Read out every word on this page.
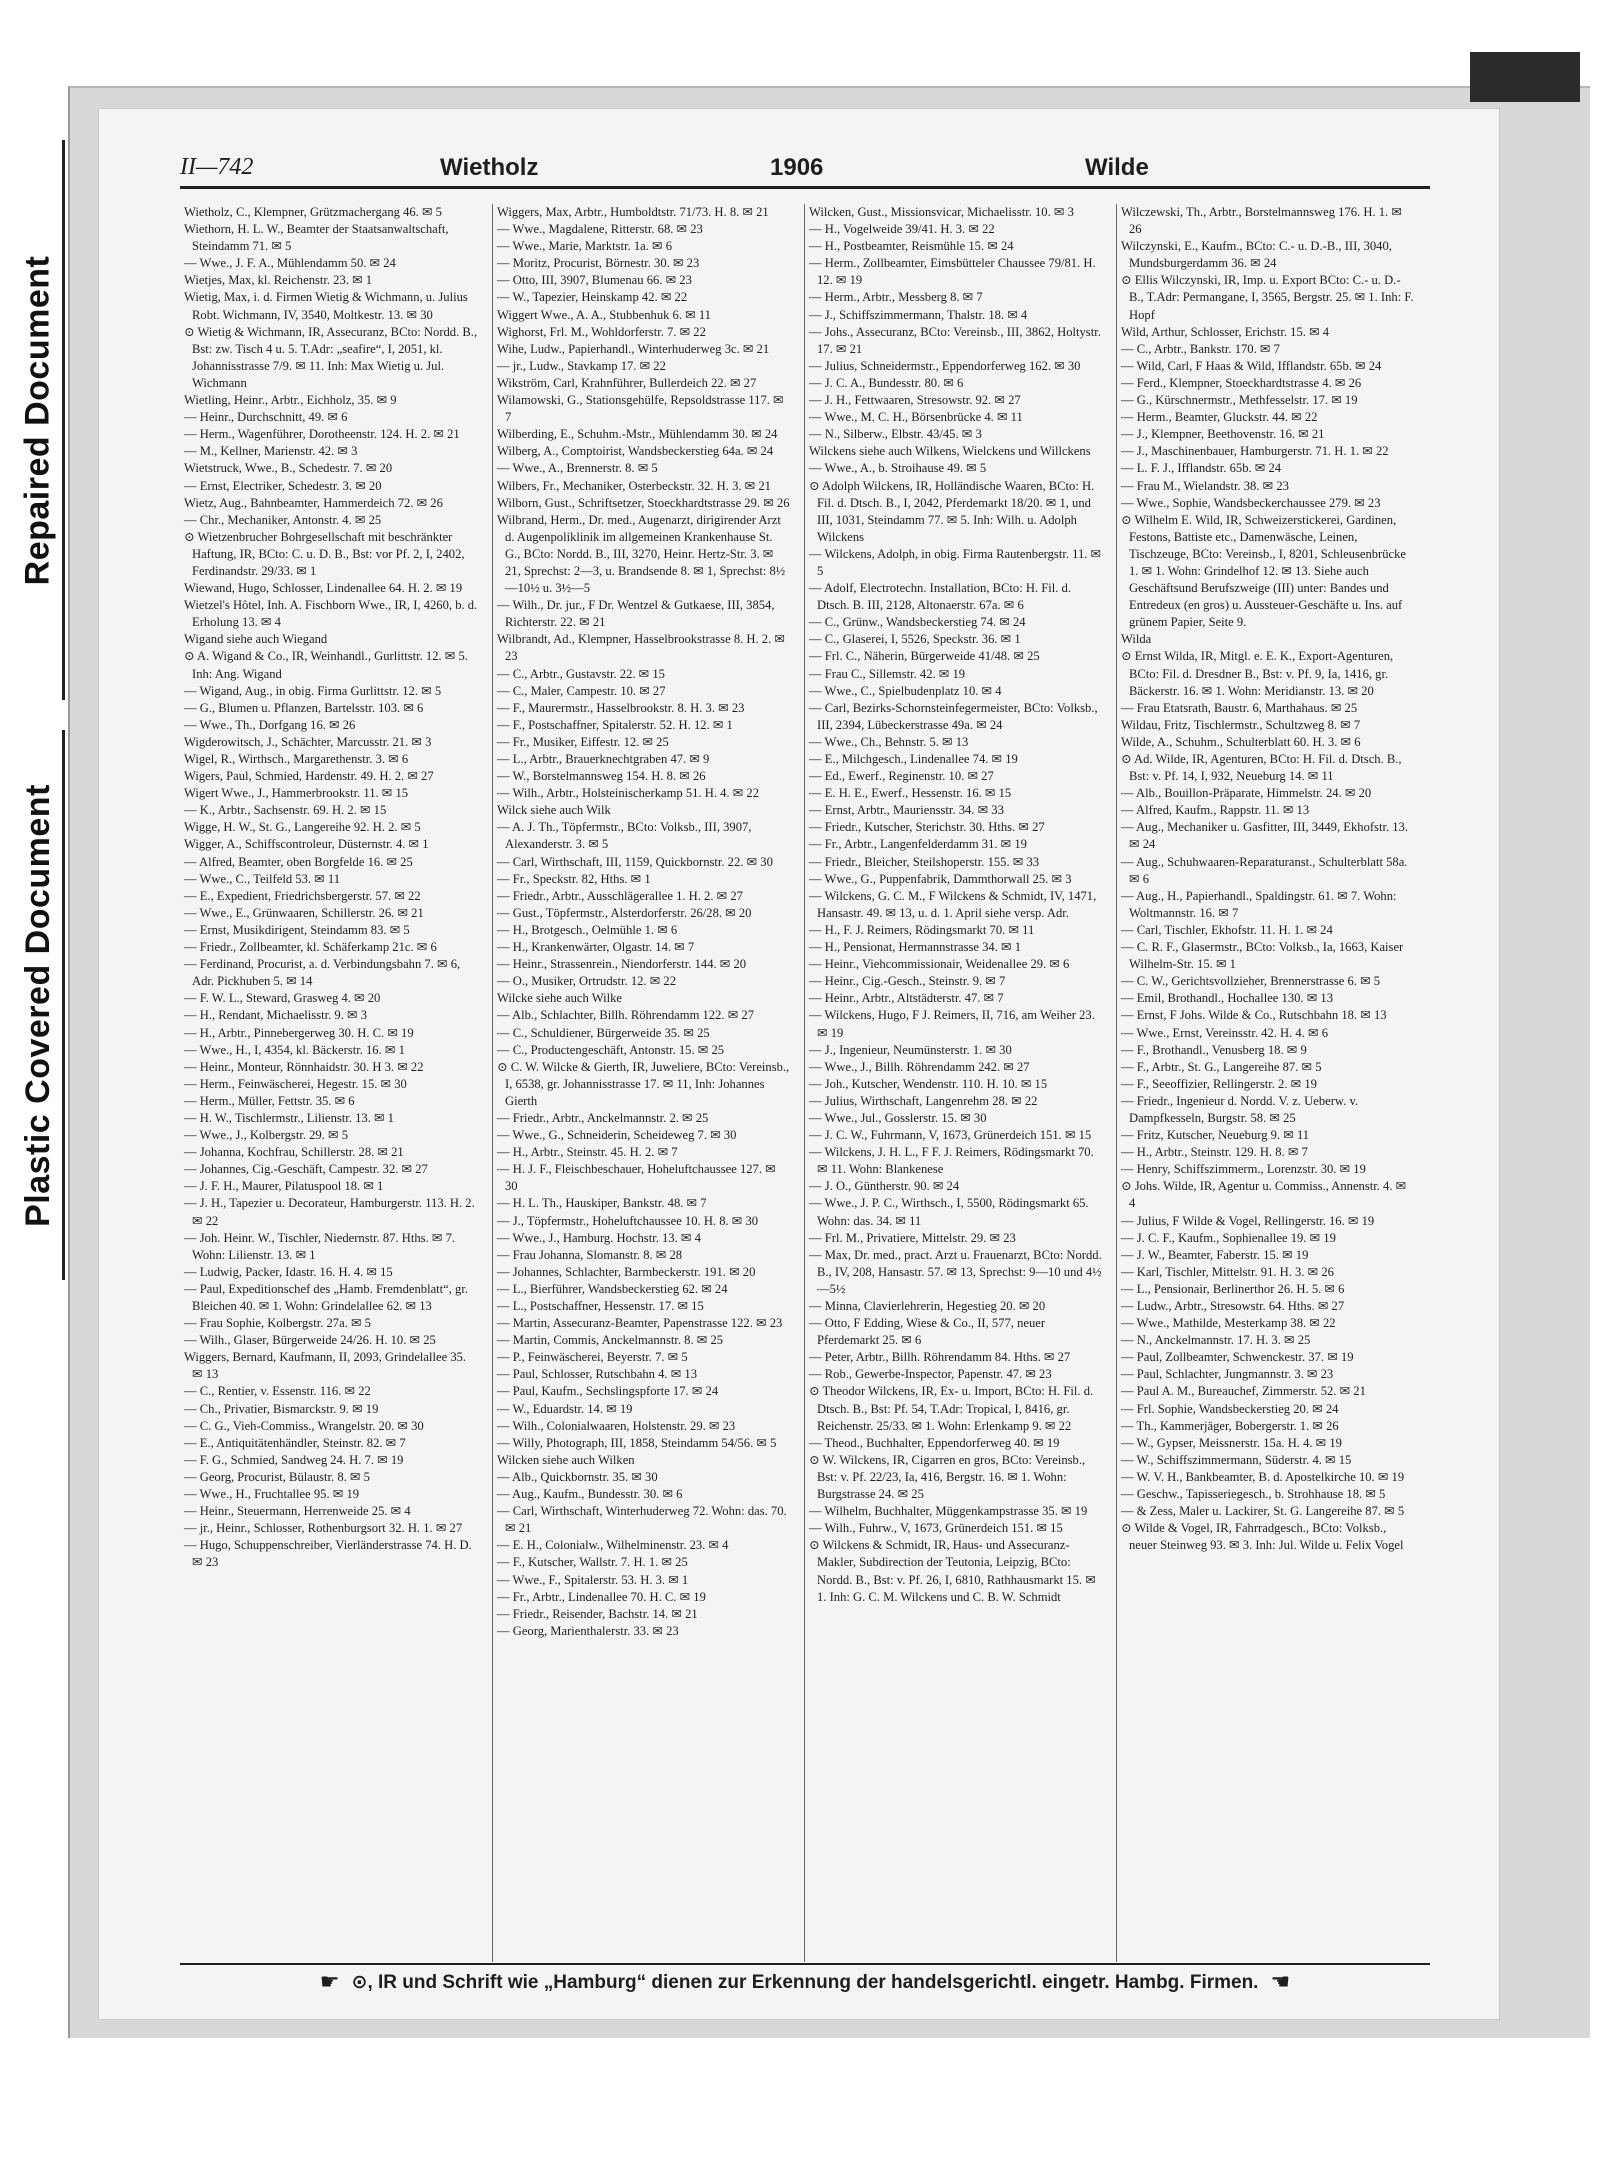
Repaired Document
Plastic Covered Document
II—742	Wietholz	1906	Wilde
Wietholz, C., Klempner, Grützmachergang 46. ✉ 5
Wiethorn, H. L. W., Beamter der Staatsanwaltschaft, Steindamm 71. ✉ 5
— Wwe., J. F. A., Mühlendamm 50. ✉ 24
Wietjes, Max, kl. Reichenstr. 23. ✉ 1
Wietig, Max, i. d. Firmen Wietig & Wichmann, u. Julius Robt. Wichmann, IV, 3540, Moltkestr. 13. ✉ 30
⊙ Wietig & Wichmann, IR, Assecuranz, BCto: Nordd. B., Bst: zw. Tisch 4 u. 5. T.Adr: „seafire“, I, 2051, kl. Johannisstrasse 7/9. ✉ 11. Inh: Max Wietig u. Jul. Wichmann
Wietling, Heinr., Arbtr., Eichholz, 35. ✉ 9
— Heinr., Durchschnitt, 49. ✉ 6
— Herm., Wagenführer, Dorotheenstr. 124. H. 2. ✉ 21
— M., Kellner, Marienstr. 42. ✉ 3
Wietstruck, Wwe., B., Schedestr. 7. ✉ 20
— Ernst, Electriker, Schedestr. 3. ✉ 20
Wietz, Aug., Bahnbeamter, Hammerdeich 72. ✉ 26
— Chr., Mechaniker, Antonstr. 4. ✉ 25
⊙ Wietzenbrucher Bohrgesellschaft mit beschränkter Haftung, IR, BCto: C. u. D. B., Bst: vor Pf. 2, I, 2402, Ferdinandstr. 29/33. ✉ 1
Wiewand, Hugo, Schlosser, Lindenallee 64. H. 2. ✉ 19
Wietzel's Hôtel, Inh. A. Fischborn Wwe., IR, I, 4260, b. d. Erholung 13. ✉ 4
Wigand siehe auch Wiegand
⊙ A. Wigand & Co., IR, Weinhandl., Gurlittstr. 12. ✉ 5. Inh: Ang. Wigand
— Wigand, Aug., in obig. Firma Gurlittstr. 12. ✉ 5
— G., Blumen u. Pflanzen, Bartelsstr. 103. ✉ 6
— Wwe., Th., Dorfgang 16. ✉ 26
Wigderowitsch, J., Schächter, Marcusstr. 21. ✉ 3
Wigel, R., Wirthsch., Margarethenstr. 3. ✉ 6
Wigers, Paul, Schmied, Hardenstr. 49. H. 2. ✉ 27
Wigert Wwe., J., Hammerbrookstr. 11. ✉ 15
— K., Arbtr., Sachsenstr. 69. H. 2. ✉ 15
Wigge, H. W., St. G., Langereihe 92. H. 2. ✉ 5
Wigger, A., Schiffscontroleur, Düsternstr. 4. ✉ 1
— Alfred, Beamter, oben Borgfelde 16. ✉ 25
— Wwe., C., Teilfeld 53. ✉ 11
— E., Expedient, Friedrichsbergerstr. 57. ✉ 22
— Wwe., E., Grünwaaren, Schillerstr. 26. ✉ 21
— Ernst, Musikdirigent, Steindamm 83. ✉ 5
— Friedr., Zollbeamter, kl. Schäferkamp 21c. ✉ 6
— Ferdinand, Procurist, a. d. Verbindungsbahn 7. ✉ 6, Adr. Pickhuben 5. ✉ 14
— F. W. L., Steward, Grasweg 4. ✉ 20
— H., Rendant, Michaelisstr. 9. ✉ 3
— H., Arbtr., Pinnebergerweg 30. H. C. ✉ 19
— Wwe., H., I, 4354, kl. Bäckerstr. 16. ✉ 1
— Heinr., Monteur, Rönnhaidstr. 30. H 3. ✉ 22
— Herm., Feinwäscherei, Hegestr. 15. ✉ 30
— Herm., Müller, Fettstr. 35. ✉ 6
— H. W., Tischlermstr., Lilienstr. 13. ✉ 1
— Wwe., J., Kolbergstr. 29. ✉ 5
— Johanna, Kochfrau, Schillerstr. 28. ✉ 21
— Johannes, Cig.-Geschäft, Campestr. 32. ✉ 27
— J. F. H., Maurer, Pilatuspool 18. ✉ 1
— J. H., Tapezier u. Decorateur, Hamburgerstr. 113. H. 2. ✉ 22
— Joh. Heinr. W., Tischler, Niedernstr. 87. Hths. ✉ 7. Wohn: Lilienstr. 13. ✉ 1
— Ludwig, Packer, Idastr. 16. H. 4. ✉ 15
— Paul, Expeditionschef des „Hamb. Fremdenblatt“, gr. Bleichen 40. ✉ 1. Wohn: Grindelallee 62. ✉ 13
— Frau Sophie, Kolbergstr. 27a. ✉ 5
— Wilh., Glaser, Bürgerweide 24/26. H. 10. ✉ 25
Wiggers, Bernard, Kaufmann, II, 2093, Grindelallee 35. ✉ 13
— C., Rentier, v. Essenstr. 116. ✉ 22
— Ch., Privatier, Bismarckstr. 9. ✉ 19
— C. G., Vieh-Commiss., Wrangelstr. 20. ✉ 30
— E., Antiquitätenhändler, Steinstr. 82. ✉ 7
— F. G., Schmied, Sandweg 24. H. 7. ✉ 19
— Georg, Procurist, Bülaustr. 8. ✉ 5
— Wwe., H., Fruchtallee 95. ✉ 19
— Heinr., Steuermann, Herrenweide 25. ✉ 4
— jr., Heinr., Schlosser, Rothenburgsort 32. H. 1. ✉ 27
— Hugo, Schuppenschreiber, Vierländerstrasse 74. H. D. ✉ 23
Wiggers, Max, Arbtr., Humboldtstr. 71/73. H. 8. ✉ 21
— Wwe., Magdalene, Ritterstr. 68. ✉ 23
— Wwe., Marie, Marktstr. 1a. ✉ 6
— Moritz, Procurist, Börnestr. 30. ✉ 23
— Otto, III, 3907, Blumenau 66. ✉ 23
— W., Tapezier, Heinskamp 42. ✉ 22
Wiggert Wwe., A. A., Stubbenhuk 6. ✉ 11
Wighorst, Frl. M., Wohldorferstr. 7. ✉ 22
Wihe, Ludw., Papierhandl., Winterhuderweg 3c. ✉ 21
— jr., Ludw., Stavkamp 17. ✉ 22
Wikström, Carl, Krahnführer, Bullerdeich 22. ✉ 27
Wilamowski, G., Stationsgehülfe, Repsoldstrasse 117. ✉ 7
Wilberding, E., Schuhm.-Mstr., Mühlendamm 30. ✉ 24
Wilberg, A., Comptoirist, Wandsbeckerstieg 64a. ✉ 24
— Wwe., A., Brennerstr. 8. ✉ 5
Wilbers, Fr., Mechaniker, Osterbeckstr. 32. H. 3. ✉ 21
Wilborn, Gust., Schriftsetzer, Stoeckhardtstrasse 29. ✉ 26
Wilbrand, Herm., Dr. med., Augenarzt, dirigirender Arzt d. Augenpoliklinik im allgemeinen Krankenhause St. G., BCto: Nordd. B., III, 3270, Heinr. Hertz-Str. 3. ✉ 21, Sprechst: 2—3, u. Brandsende 8. ✉ 1, Sprechst: 8½—10½ u. 3½—5
— Wilh., Dr. jur., F Dr. Wentzel & Gutkaese, III, 3854, Richterstr. 22. ✉ 21
Wilbrandt, Ad., Klempner, Hasselbrookstrasse 8. H. 2. ✉ 23
— C., Arbtr., Gustavstr. 22. ✉ 15
— C., Maler, Campestr. 10. ✉ 27
— F., Maurermstr., Hasselbrookstr. 8. H. 3. ✉ 23
— F., Postschaffner, Spitalerstr. 52. H. 12. ✉ 1
— Fr., Musiker, Eiffestr. 12. ✉ 25
— L., Arbtr., Brauerknechtgraben 47. ✉ 9
— W., Borstelmannsweg 154. H. 8. ✉ 26
— Wilh., Arbtr., Holsteinischerkamp 51. H. 4. ✉ 22
Wilck siehe auch Wilk
— A. J. Th., Töpfermstr., BCto: Volksb., III, 3907, Alexanderstr. 3. ✉ 5
— Carl, Wirthschaft, III, 1159, Quickbornstr. 22. ✉ 30
— Fr., Speckstr. 82, Hths. ✉ 1
— Friedr., Arbtr., Ausschlägerallee 1. H. 2. ✉ 27
— Gust., Töpfermstr., Alsterdorferstr. 26/28. ✉ 20
— H., Brotgesch., Oelmühle 1. ✉ 6
— H., Krankenwärter, Olgastr. 14. ✉ 7
— Heinr., Strassenrein., Niendorferstr. 144. ✉ 20
— O., Musiker, Ortrudstr. 12. ✉ 22
Wilcke siehe auch Wilke
— Alb., Schlachter, Billh. Röhrendamm 122. ✉ 27
— C., Schuldiener, Bürgerweide 35. ✉ 25
— C., Productengeschäft, Antonstr. 15. ✉ 25
⊙ C. W. Wilcke & Gierth, IR, Juweliere, BCto: Vereinsb., I, 6538, gr. Johannisstrasse 17. ✉ 11, Inh: Johannes Gierth
— Friedr., Arbtr., Anckelmannstr. 2. ✉ 25
— Wwe., G., Schneiderin, Scheideweg 7. ✉ 30
— H., Arbtr., Steinstr. 45. H. 2. ✉ 7
— H. J. F., Fleischbeschauer, Hoheluftchaussee 127. ✉ 30
— H. L. Th., Hauskiper, Bankstr. 48. ✉ 7
— J., Töpfermstr., Hoheluftchaussee 10. H. 8. ✉ 30
— Wwe., J., Hamburg. Hochstr. 13. ✉ 4
— Frau Johanna, Slomanstr. 8. ✉ 28
— Johannes, Schlachter, Barmbeckerstr. 191. ✉ 20
— L., Bierführer, Wandsbeckerstieg 62. ✉ 24
— L., Postschaffner, Hessenstr. 17. ✉ 15
— Martin, Assecuranz-Beamter, Papenstrasse 122. ✉ 23
— Martin, Commis, Anckelmannstr. 8. ✉ 25
— P., Feinwäscherei, Beyerstr. 7. ✉ 5
— Paul, Schlosser, Rutschbahn 4. ✉ 13
— Paul, Kaufm., Sechslingspforte 17. ✉ 24
— W., Eduardstr. 14. ✉ 19
— Wilh., Colonialwaaren, Holstenstr. 29. ✉ 23
— Willy, Photograph, III, 1858, Steindamm 54/56. ✉ 5
Wilcken siehe auch Wilken
— Alb., Quickbornstr. 35. ✉ 30
— Aug., Kaufm., Bundesstr. 30. ✉ 6
— Carl, Wirthschaft, Winterhuderweg 72. Wohn: das. 70. ✉ 21
— E. H., Colonialw., Wilhelminenstr. 23. ✉ 4
— F., Kutscher, Wallstr. 7. H. 1. ✉ 25
— Wwe., F., Spitalerstr. 53. H. 3. ✉ 1
— Fr., Arbtr., Lindenallee 70. H. C. ✉ 19
— Friedr., Reisender, Bachstr. 14. ✉ 21
— Georg, Marienthalerstr. 33. ✉ 23
Wilcken, Gust., Missionsvicar, Michaelisstr. 10. ✉ 3
— H., Vogelweide 39/41. H. 3. ✉ 22
— H., Postbeamter, Reismühle 15. ✉ 24
— Herm., Zollbeamter, Eimsbütteler Chaussee 79/81. H. 12. ✉ 19
— Herm., Arbtr., Messberg 8. ✉ 7
— J., Schiffszimmermann, Thalstr. 18. ✉ 4
— Johs., Assecuranz, BCto: Vereinsb., III, 3862, Holtystr. 17. ✉ 21
— Julius, Schneidermstr., Eppendorferweg 162. ✉ 30
— J. C. A., Bundesstr. 80. ✉ 6
— J. H., Fettwaaren, Stresowstr. 92. ✉ 27
— Wwe., M. C. H., Börsenbrücke 4. ✉ 11
— N., Silberw., Elbstr. 43/45. ✉ 3
Wilckens siehe auch Wilkens, Wielckens und Willckens
— Wwe., A., b. Stroihause 49. ✉ 5
⊙ Adolph Wilckens, IR, Holländische Waaren, BCto: H. Fil. d. Dtsch. B., I, 2042, Pferdemarkt 18/20. ✉ 1, und III, 1031, Steindamm 77. ✉ 5. Inh: Wilh. u. Adolph Wilckens
— Wilckens, Adolph, in obig. Firma Rautenbergstr. 11. ✉ 5
— Adolf, Electrotechn. Installation, BCto: H. Fil. d. Dtsch. B. III, 2128, Altonaerstr. 67a. ✉ 6
— C., Grünw., Wandsbeckerstieg 74. ✉ 24
— C., Glaserei, I, 5526, Speckstr. 36. ✉ 1
— Frl. C., Näherin, Bürgerweide 41/48. ✉ 25
— Frau C., Sillemstr. 42. ✉ 19
— Wwe., C., Spielbudenplatz 10. ✉ 4
— Carl, Bezirks-Schornsteinfegermeister, BCto: Volksb., III, 2394, Lübeckerstrasse 49a. ✉ 24
— Wwe., Ch., Behnstr. 5. ✉ 13
— E., Milchgesch., Lindenallee 74. ✉ 19
— Ed., Ewerf., Reginenstr. 10. ✉ 27
— E. H. E., Ewerf., Hessenstr. 16. ✉ 15
— Ernst, Arbtr., Mauriensstr. 34. ✉ 33
— Friedr., Kutscher, Sterichstr. 30. Hths. ✉ 27
— Fr., Arbtr., Langenfelderdamm 31. ✉ 19
— Friedr., Bleicher, Steilshoperstr. 155. ✉ 33
— Wwe., G., Puppenfabrik, Dammthorwall 25. ✉ 3
— Wilckens, G. C. M., F Wilckens & Schmidt, IV, 1471, Hansastr. 49. ✉ 13, u. d. 1. April siehe versp. Adr.
— H., F. J. Reimers, Rödingsmarkt 70. ✉ 11
— H., Pensionat, Hermannstrasse 34. ✉ 1
— Heinr., Viehcommissionair, Weidenallee 29. ✉ 6
— Heinr., Cig.-Gesch., Steinstr. 9. ✉ 7
— Heinr., Arbtr., Altstädterstr. 47. ✉ 7
— Wilckens, Hugo, F J. Reimers, II, 716, am Weiher 23. ✉ 19
— J., Ingenieur, Neumünsterstr. 1. ✉ 30
— Wwe., J., Billh. Röhrendamm 242. ✉ 27
— Joh., Kutscher, Wendenstr. 110. H. 10. ✉ 15
— Julius, Wirthschaft, Langenrehm 28. ✉ 22
— Wwe., Jul., Gosslerstr. 15. ✉ 30
— J. C. W., Fuhrmann, V, 1673, Grünerdeich 151. ✉ 15
— Wilckens, J. H. L., F F. J. Reimers, Rödingsmarkt 70. ✉ 11. Wohn: Blankenese
— J. O., Güntherstr. 90. ✉ 24
— Wwe., J. P. C., Wirthsch., I, 5500, Rödingsmarkt 65. Wohn: das. 34. ✉ 11
— Frl. M., Privatiere, Mittelstr. 29. ✉ 23
— Max, Dr. med., pract. Arzt u. Frauenarzt, BCto: Nordd. B., IV, 208, Hansastr. 57. ✉ 13, Sprechst: 9—10 und 4½—5½
— Minna, Clavierlehrerin, Hegestieg 20. ✉ 20
— Otto, F Edding, Wiese & Co., II, 577, neuer Pferdemarkt 25. ✉ 6
— Peter, Arbtr., Billh. Röhrendamm 84. Hths. ✉ 27
— Rob., Gewerbe-Inspector, Papenstr. 47. ✉ 23
⊙ Theodor Wilckens, IR, Ex- u. Import, BCto: H. Fil. d. Dtsch. B., Bst: Pf. 54, T.Adr: Tropical, I, 8416, gr. Reichenstr. 25/33. ✉ 1. Wohn: Erlenkamp 9. ✉ 22
— Theod., Buchhalter, Eppendorferweg 40. ✉ 19
⊙ W. Wilckens, IR, Cigarren en gros, BCto: Vereinsb., Bst: v. Pf. 22/23, Ia, 416, Bergstr. 16. ✉ 1. Wohn: Burgstrasse 24. ✉ 25
— Wilhelm, Buchhalter, Müggenkampstrasse 35. ✉ 19
— Wilh., Fuhrw., V, 1673, Grünerdeich 151. ✉ 15
⊙ Wilckens & Schmidt, IR, Haus- und Assecuranz-Makler, Subdirection der Teutonia, Leipzig, BCto: Nordd. B., Bst: v. Pf. 26, I, 6810, Rathhausmarkt 15. ✉ 1. Inh: G. C. M. Wilckens und C. B. W. Schmidt
Wilczewski, Th., Arbtr., Borstelmannsweg 176. H. 1. ✉ 26
Wilczynski, E., Kaufm., BCto: C.- u. D.-B., III, 3040, Mundsburgerdamm 36. ✉ 24
⊙ Ellis Wilczynski, IR, Imp. u. Export BCto: C.- u. D.-B., T.Adr: Permangane, I, 3565, Bergstr. 25. ✉ 1. Inh: F. Hopf
Wild, Arthur, Schlosser, Erichstr. 15. ✉ 4
— C., Arbtr., Bankstr. 170. ✉ 7
— Wild, Carl, F Haas & Wild, Ifflandstr. 65b. ✉ 24
— Ferd., Klempner, Stoeckhardtstrasse 4. ✉ 26
— G., Kürschnermstr., Methfesselstr. 17. ✉ 19
— Herm., Beamter, Gluckstr. 44. ✉ 22
— J., Klempner, Beethovenstr. 16. ✉ 21
— J., Maschinenbauer, Hamburgerstr. 71. H. 1. ✉ 22
— L. F. J., Ifflandstr. 65b. ✉ 24
— Frau M., Wielandstr. 38. ✉ 23
— Wwe., Sophie, Wandsbeckerchaussee 279. ✉ 23
⊙ Wilhelm E. Wild, IR, Schweizerstickerei, Gardinen, Festons, Battiste etc., Damenwäsche, Leinen, Tischzeuge, BCto: Vereinsb., I, 8201, Schleusenbrücke 1. ✉ 1. Wohn: Grindelhof 12. ✉ 13. Siehe auch Geschäftsund Berufszweige (III) unter: Bandes und Entredeux (en gros) u. Aussteuer-Geschäfte u. Ins. auf grünem Papier, Seite 9.
Wilda
⊙ Ernst Wilda, IR, Mitgl. e. E. K., Export-Agenturen, BCto: Fil. d. Dresdner B., Bst: v. Pf. 9, Ia, 1416, gr. Bäckerstr. 16. ✉ 1. Wohn: Meridianstr. 13. ✉ 20
— Frau Etatsrath, Baustr. 6, Marthahaus. ✉ 25
Wildau, Fritz, Tischlermstr., Schultzweg 8. ✉ 7
Wilde, A., Schuhm., Schulterblatt 60. H. 3. ✉ 6
⊙ Ad. Wilde, IR, Agenturen, BCto: H. Fil. d. Dtsch. B., Bst: v. Pf. 14, I, 932, Neueburg 14. ✉ 11
— Alb., Bouillon-Präparate, Himmelstr. 24. ✉ 20
— Alfred, Kaufm., Rappstr. 11. ✉ 13
— Aug., Mechaniker u. Gasfitter, III, 3449, Ekhofstr. 13. ✉ 24
— Aug., Schuhwaaren-Reparaturanst., Schulterblatt 58a. ✉ 6
— Aug., H., Papierhandl., Spaldingstr. 61. ✉ 7. Wohn: Woltmannstr. 16. ✉ 7
— Carl, Tischler, Ekhofstr. 11. H. 1. ✉ 24
— C. R. F., Glasermstr., BCto: Volksb., Ia, 1663, Kaiser Wilhelm-Str. 15. ✉ 1
— C. W., Gerichtsvollzieher, Brennerstrasse 6. ✉ 5
— Emil, Brothandl., Hochallee 130. ✉ 13
— Ernst, F Johs. Wilde & Co., Rutschbahn 18. ✉ 13
— Wwe., Ernst, Vereinsstr. 42. H. 4. ✉ 6
— F., Brothandl., Venusberg 18. ✉ 9
— F., Arbtr., St. G., Langereihe 87. ✉ 5
— F., Seeoffizier, Rellingerstr. 2. ✉ 19
— Friedr., Ingenieur d. Nordd. V. z. Ueberw. v. Dampfkesseln, Burgstr. 58. ✉ 25
— Fritz, Kutscher, Neueburg 9. ✉ 11
— H., Arbtr., Steinstr. 129. H. 8. ✉ 7
— Henry, Schiffszimmerm., Lorenzstr. 30. ✉ 19
⊙ Johs. Wilde, IR, Agentur u. Commiss., Annenstr. 4. ✉ 4
— Julius, F Wilde & Vogel, Rellingerstr. 16. ✉ 19
— J. C. F., Kaufm., Sophienallee 19. ✉ 19
— J. W., Beamter, Faberstr. 15. ✉ 19
— Karl, Tischler, Mittelstr. 91. H. 3. ✉ 26
— L., Pensionair, Berlinerthor 26. H. 5. ✉ 6
— Ludw., Arbtr., Stresowstr. 64. Hths. ✉ 27
— Wwe., Mathilde, Mesterkamp 38. ✉ 22
— N., Anckelmannstr. 17. H. 3. ✉ 25
— Paul, Zollbeamter, Schwenckestr. 37. ✉ 19
— Paul, Schlachter, Jungmannstr. 3. ✉ 23
— Paul A. M., Bureauchef, Zimmerstr. 52. ✉ 21
— Frl. Sophie, Wandsbeckerstieg 20. ✉ 24
— Th., Kammerjäger, Bobergerstr. 1. ✉ 26
— W., Gypser, Meissnerstr. 15a. H. 4. ✉ 19
— W., Schiffszimmermann, Süderstr. 4. ✉ 15
— W. V. H., Bankbeamter, B. d. Apostelkirche 10. ✉ 19
— Geschw., Tapisseriegesch., b. Strohhause 18. ✉ 5
— & Zess, Maler u. Lackirer, St. G. Langereihe 87. ✉ 5
⊙ Wilde & Vogel, IR, Fahrradgesch., BCto: Volksb., neuer Steinweg 93. ✉ 3. Inh: Jul. Wilde u. Felix Vogel
☛ ⊙, IR und Schrift wie „Hamburg“ dienen zur Erkennung der handelsgerichtl. eingetr. Hambg. Firmen. ☚
